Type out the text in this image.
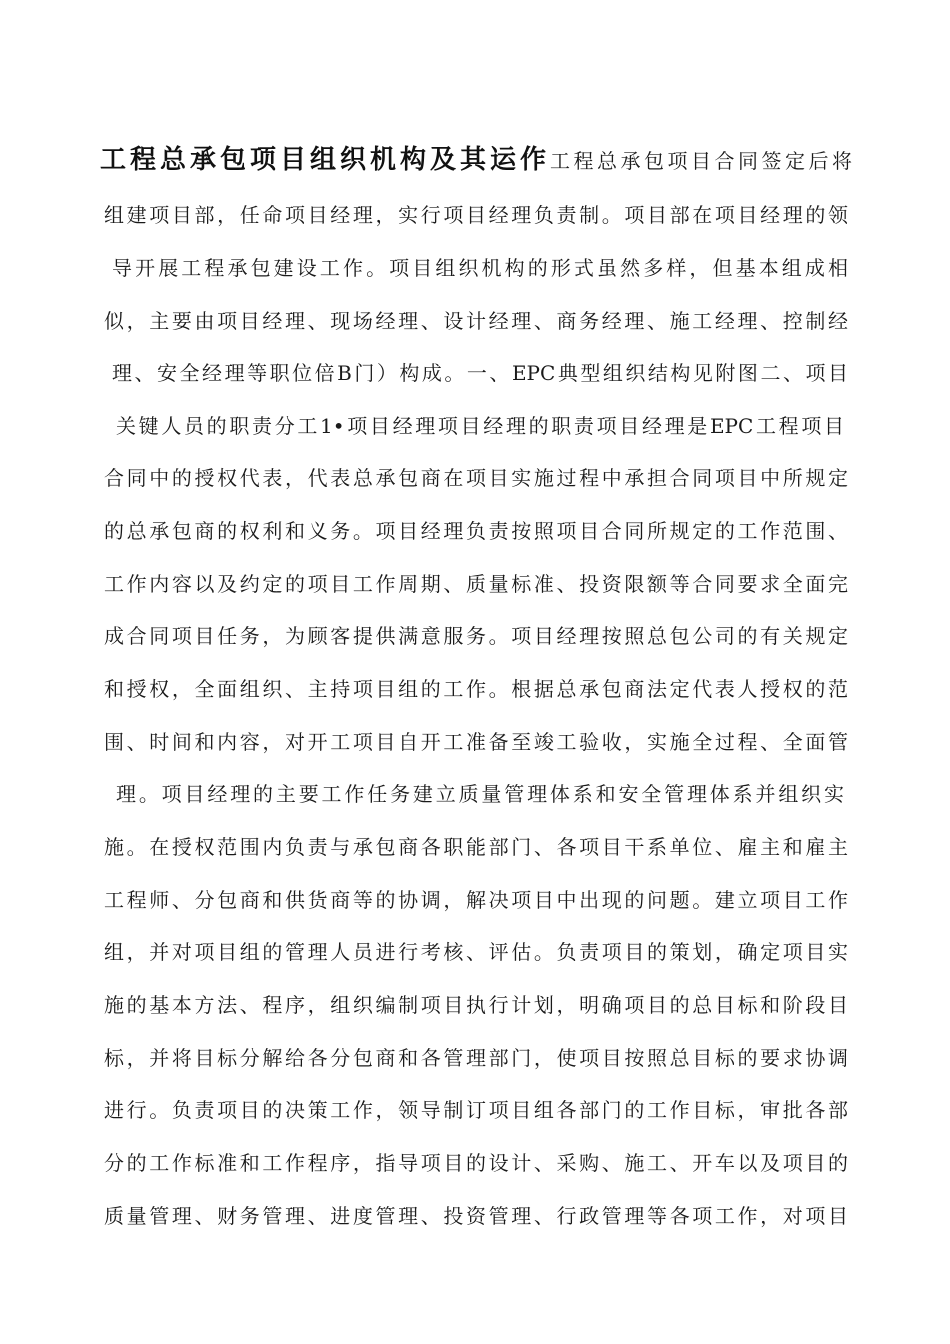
工程总承包项目组织机构及其运作工程总承包项目合同签定后将
组建项目部，任命项目经理，实行项目经理负责制。项目部在项目经理的领
导开展工程承包建设工作。项目组织机构的形式虽然多样，但基本组成相
似，主要由项目经理、现场经理、设计经理、商务经理、施工经理、控制经
理、安全经理等职位倍B门）构成。一、EPC典型组织结构见附图二、项目
关键人员的职责分工1•项目经理项目经理的职责项目经理是EPC工程项目
合同中的授权代表，代表总承包商在项目实施过程中承担合同项目中所规定
的总承包商的权利和义务。项目经理负责按照项目合同所规定的工作范围、
工作内容以及约定的项目工作周期、质量标准、投资限额等合同要求全面完
成合同项目任务，为顾客提供满意服务。项目经理按照总包公司的有关规定
和授权，全面组织、主持项目组的工作。根据总承包商法定代表人授权的范
围、时间和内容，对开工项目自开工准备至竣工验收，实施全过程、全面管
理。项目经理的主要工作任务建立质量管理体系和安全管理体系并组织实
施。在授权范围内负责与承包商各职能部门、各项目干系单位、雇主和雇主
工程师、分包商和供货商等的协调，解决项目中出现的问题。建立项目工作
组，并对项目组的管理人员进行考核、评估。负责项目的策划，确定项目实
施的基本方法、程序，组织编制项目执行计划，明确项目的总目标和阶段目
标，并将目标分解给各分包商和各管理部门，使项目按照总目标的要求协调
进行。负责项目的决策工作，领导制订项目组各部门的工作目标，审批各部
分的工作标准和工作程序，指导项目的设计、采购、施工、开车以及项目的
质量管理、财务管理、进度管理、投资管理、行政管理等各项工作，对项目
